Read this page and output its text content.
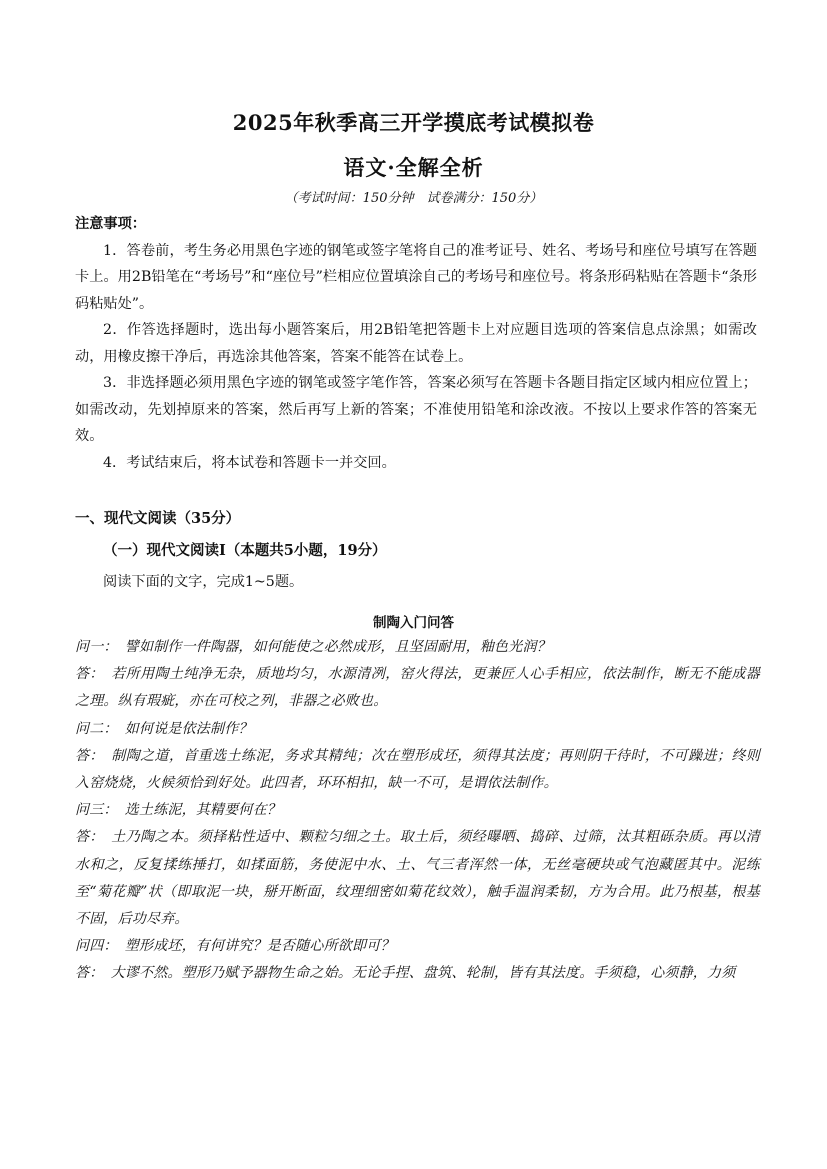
2025年秋季高三开学摸底考试模拟卷
语文·全解全析
（考试时间：150分钟　试卷满分：150分）

注意事项：

1．答卷前，考生务必用黑色字迹的钢笔或签字笔将自己的准考证号、姓名、考场号和座位号填写在答题卡上。用2B铅笔在“考场号”和“座位号”栏相应位置填涂自己的考场号和座位号。将条形码粘贴在答题卡“条形码粘贴处”。

2．作答选择题时，选出每小题答案后，用2B铅笔把答题卡上对应题目选项的答案信息点涂黑；如需改动，用橡皮擦干净后，再选涂其他答案，答案不能答在试卷上。

3．非选择题必须用黑色字迹的钢笔或签字笔作答，答案必须写在答题卡各题目指定区域内相应位置上；如需改动，先划掉原来的答案，然后再写上新的答案；不准使用铅笔和涂改液。不按以上要求作答的答案无效。

4．考试结束后，将本试卷和答题卡一并交回。

一、现代文阅读（35分）
（一）现代文阅读Ⅰ（本题共5小题，19分）
阅读下面的文字，完成1~5题。
制陶入门问答

问一：　譬如制作一件陶器，如何能使之必然成形，且坚固耐用，釉色光润？

答：　若所用陶土纯净无杂，质地均匀，水源清冽，窑火得法，更兼匠人心手相应，依法制作，断无不能成器之理。纵有瑕疵，亦在可校之列，非器之必败也。

问二：　如何说是依法制作？

答：　制陶之道，首重选土练泥，务求其精纯；次在塑形成坯，须得其法度；再则阴干待时，不可躁进；终则入窑烧烧，火候须恰到好处。此四者，环环相扣，缺一不可，是谓依法制作。

问三：　选土练泥，其精要何在？

答：　土乃陶之本。须择粘性适中、颗粒匀细之土。取土后，须经曝晒、捣碎、过筛，汰其粗砾杂质。再以清水和之，反复揉练捶打，如揉面筋，务使泥中水、土、气三者浑然一体，无丝毫硬块或气泡藏匿其中。泥练至“菊花瓣”状（即取泥一块，掰开断面，纹理细密如菊花纹效），触手温润柔韧，方为合用。此乃根基，根基不固，后功尽弃。

问四：　塑形成坯，有何讲究？是否随心所欲即可？

答：　大谬不然。塑形乃赋予器物生命之始。无论手捏、盘筑、轮制，皆有其法度。手须稳，心须静，力须
